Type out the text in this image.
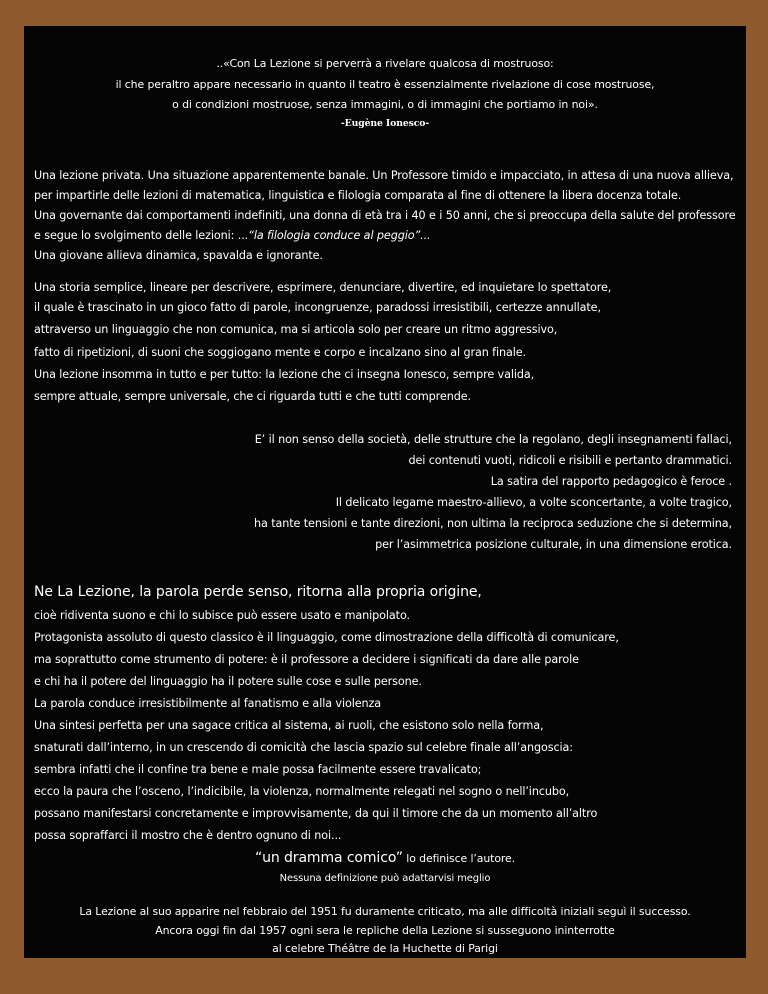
..«Con La Lezione si perverrà a rivelare qualcosa di mostruoso:

il che peraltro appare necessario in quanto il teatro è essenzialmente rivelazione di cose mostruose,

o di condizioni mostruose, senza immagini, o di immagini che portiamo in noi».

-Eugène Ionesco-

Una lezione privata. Una situazione apparentemente banale. Un Professore timido e impacciato, in attesa di una nuova allieva,

per impartirle delle lezioni di matematica, linguistica e filologia comparata al fine di ottenere la libera docenza totale.

Una governante dai comportamenti indefiniti, una donna di età tra i 40 e i 50 anni, che si preoccupa della salute del professore

e segue lo svolgimento delle lezioni: ...“la filologia conduce al peggio”...

Una giovane allieva dinamica, spavalda e ignorante.

Una storia semplice, lineare per descrivere, esprimere, denunciare, divertire, ed inquietare lo spettatore,

il quale è trascinato in un gioco fatto di parole, incongruenze, paradossi irresistibili, certezze annullate,

attraverso un linguaggio che non comunica, ma si articola solo per creare un ritmo aggressivo,

fatto di ripetizioni, di suoni che soggiogano mente e corpo e incalzano sino al gran finale.

Una lezione insomma in tutto e per tutto: la lezione che ci insegna Ionesco, sempre valida,

sempre attuale, sempre universale, che ci riguarda tutti e che tutti comprende.

E’ il non senso della società, delle strutture che la regolano, degli insegnamenti fallaci,

dei contenuti vuoti, ridicoli e risibili e pertanto drammatici.

La satira del rapporto pedagogico è feroce .

Il delicato legame maestro-allievo, a volte sconcertante, a volte tragico,

ha tante tensioni e tante direzioni, non ultima la reciproca seduzione che si determina,

per l’asimmetrica posizione culturale, in una dimensione erotica.

Ne La Lezione, la parola perde senso, ritorna alla propria origine,

cioè ridiventa suono e chi lo subisce può essere usato e manipolato.

Protagonista assoluto di questo classico è il linguaggio, come dimostrazione della difficoltà di comunicare,

ma soprattutto come strumento di potere: è il professore a decidere i significati da dare alle parole

e chi ha il potere del linguaggio ha il potere sulle cose e sulle persone.

La parola conduce irresistibilmente al fanatismo e alla violenza

Una sintesi perfetta per una sagace critica al sistema, ai ruoli, che esistono solo nella forma,

snaturati dall’interno, in un crescendo di comicità che lascia spazio sul celebre finale all’angoscia:

sembra infatti che il confine tra bene e male possa facilmente essere travalicato;

ecco la paura che l’osceno, l’indicibile, la violenza, normalmente relegati nel sogno o nell’incubo,

possano manifestarsi concretamente e improvvisamente, da qui il timore che da un momento all’altro

possa sopraffarci il mostro che è dentro ognuno di noi...

“un dramma comico” lo definisce l’autore.

Nessuna definizione può adattarvisi meglio

La Lezione al suo apparire nel febbraio del 1951 fu duramente criticato, ma alle difficoltà iniziali seguì il successo.

Ancora oggi fin dal 1957 ogni sera le repliche della Lezione si susseguono ininterrotte

al celebre Théâtre de la Huchette di Parigi
